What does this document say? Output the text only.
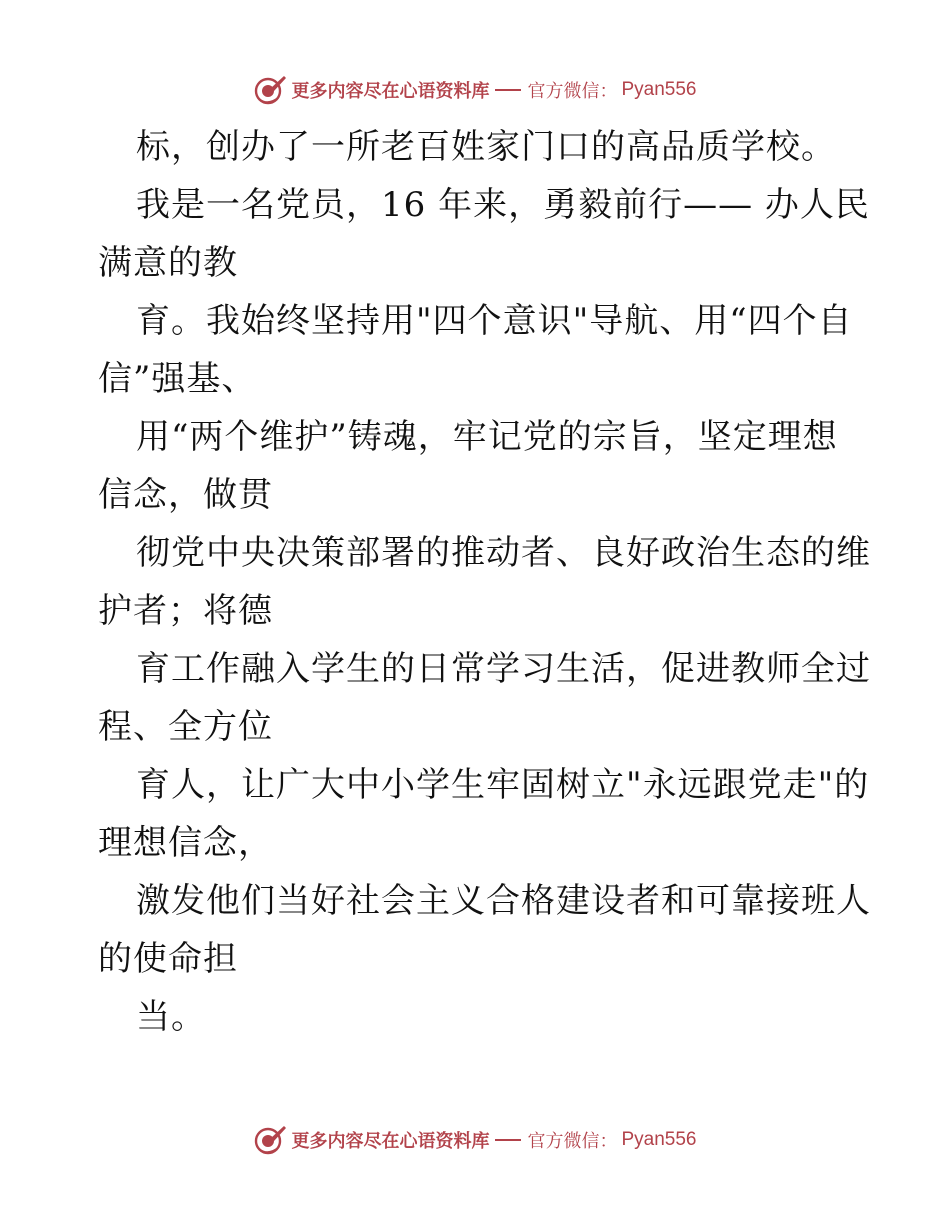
更多内容尽在心语资料库 官方微信： Pyan556
标，创办了一所老百姓家门口的高品质学校。
我是一名党员，16 年来，勇毅前行—— 办人民
满意的教
育。我始终坚持用"四个意识"导航、用“四个自
信”强基、
用“两个维护”铸魂，牢记党的宗旨，坚定理想
信念，做贯
彻党中央决策部署的推动者、良好政治生态的维
护者；将德
育工作融入学生的日常学习生活，促进教师全过
程、全方位
育人，让广大中小学生牢固树立"永远跟党走"的
理想信念，
激发他们当好社会主义合格建设者和可靠接班人
的使命担
当。
更多内容尽在心语资料库 官方微信： Pyan556
